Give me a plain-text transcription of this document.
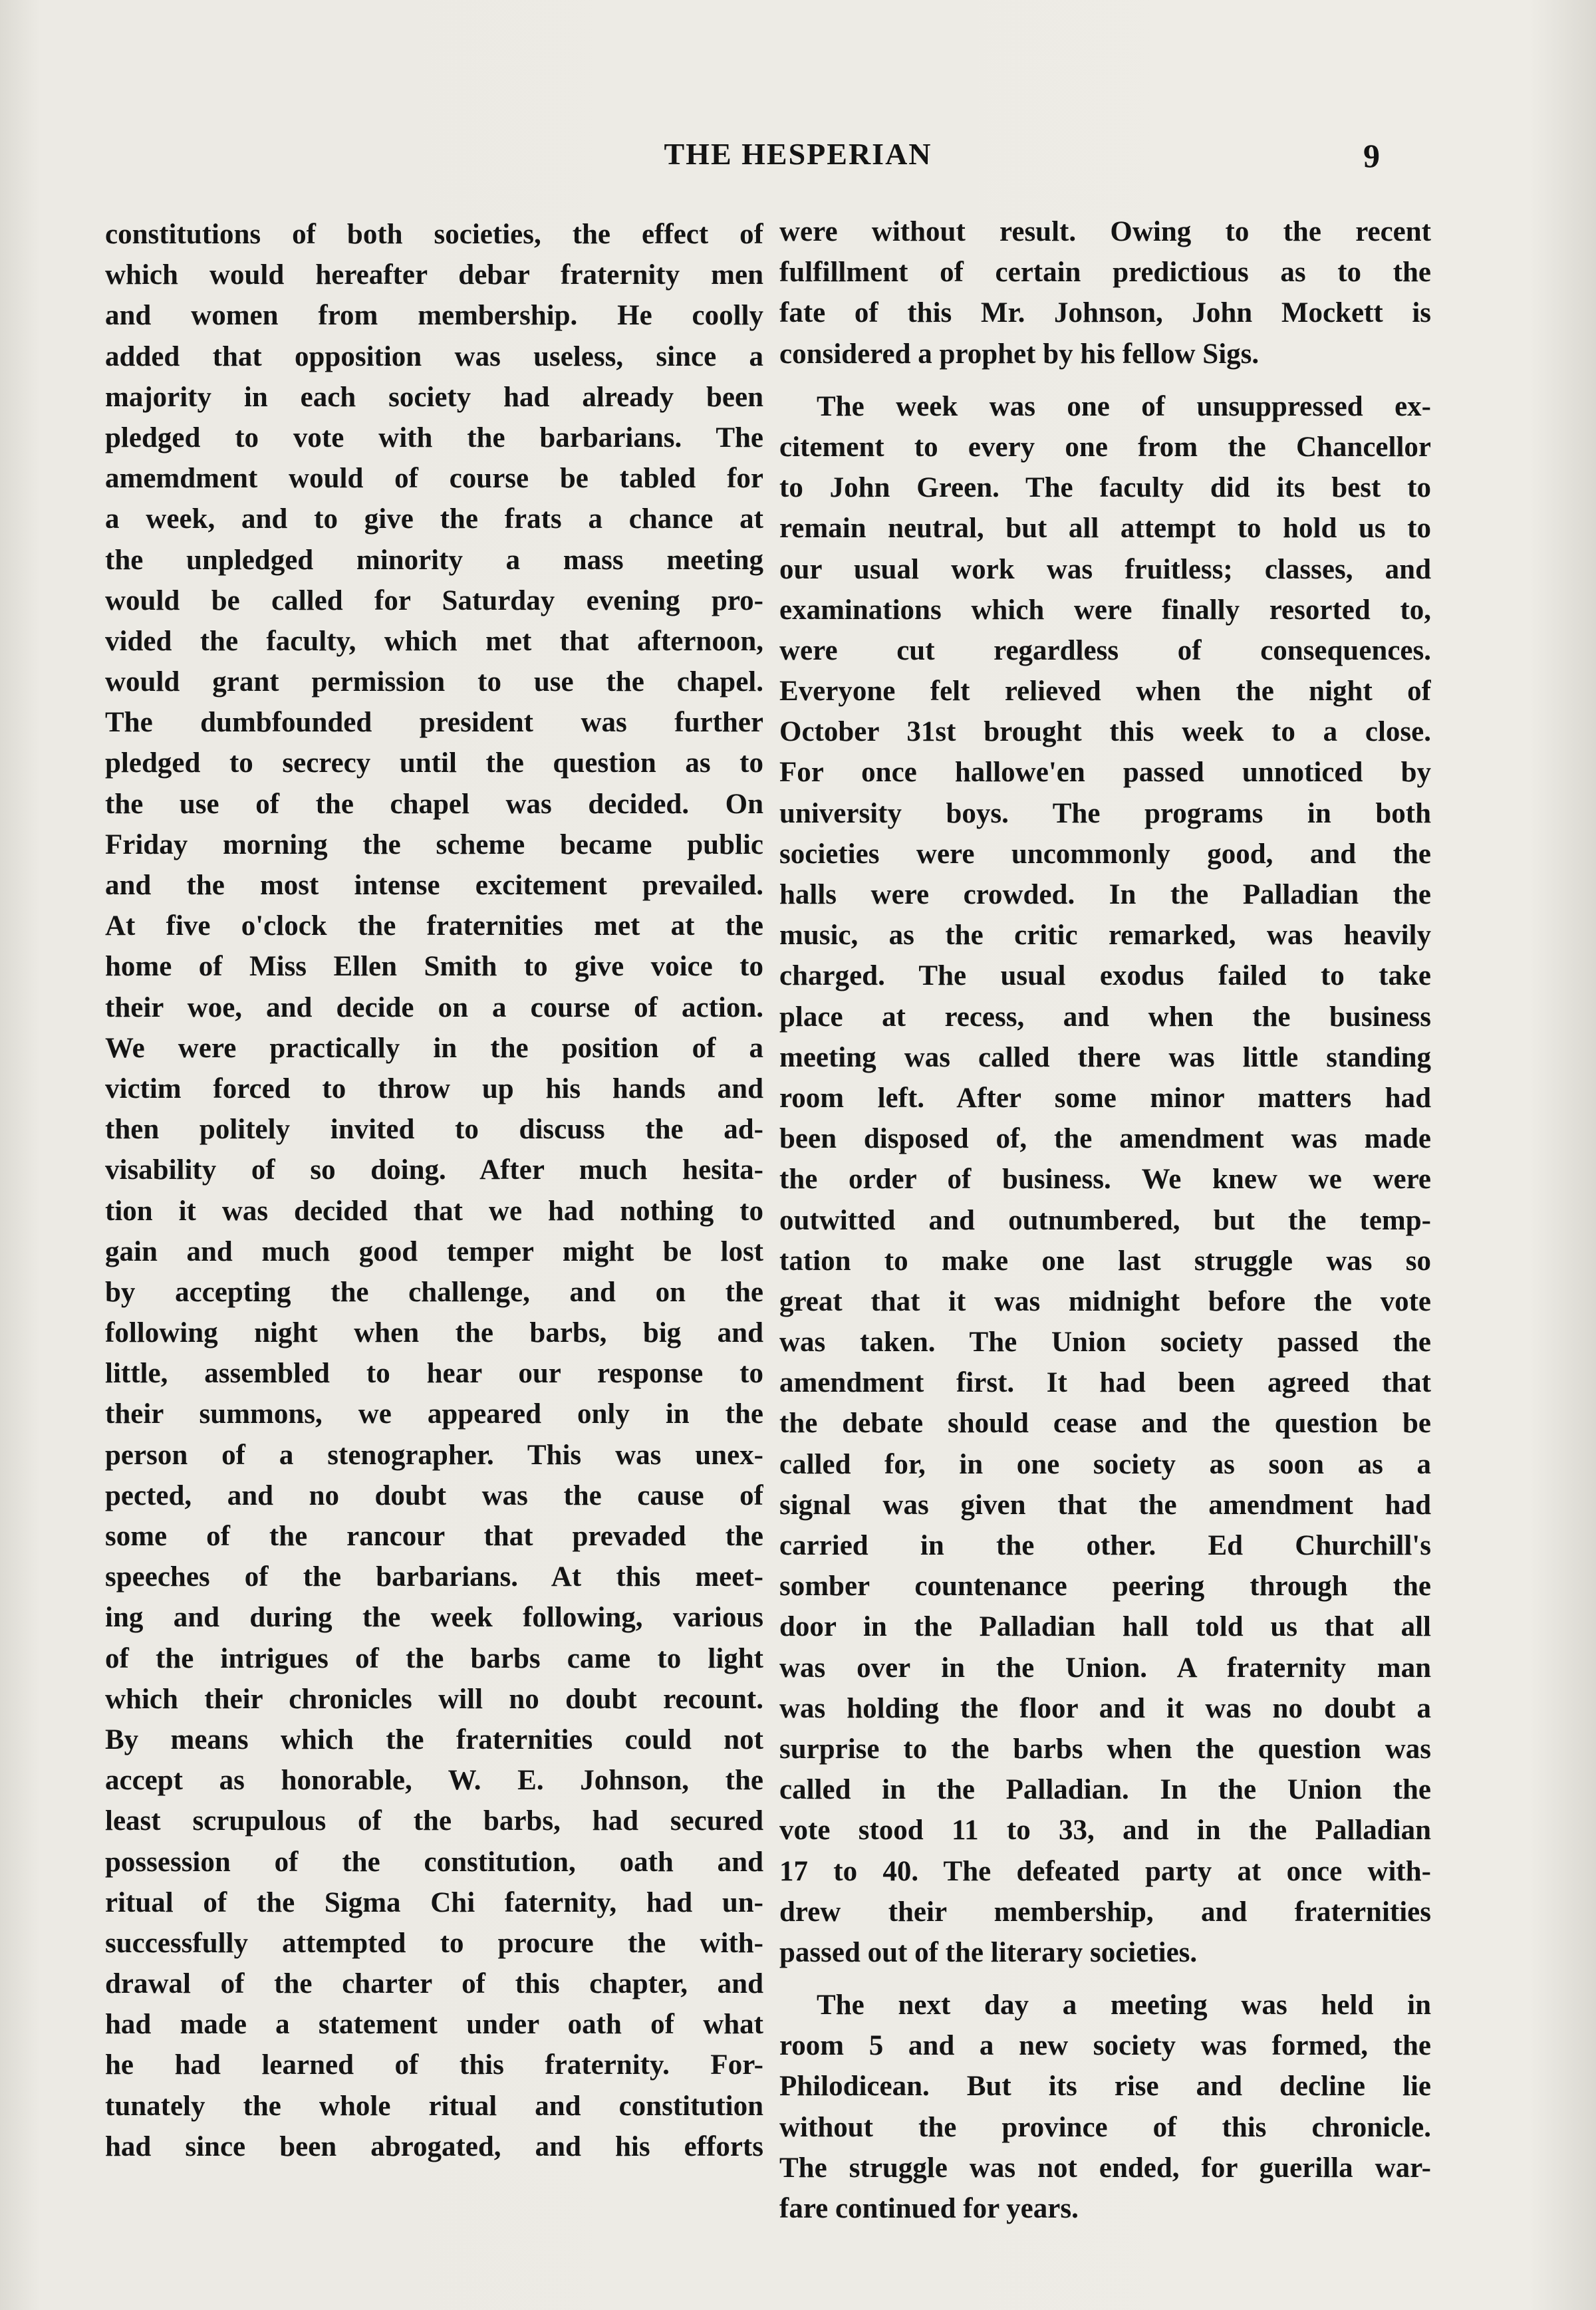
THE HESPERIAN	9

constitutions of both societies, the effect of
which would hereafter debar fraternity men
and women from membership. He coolly
added that opposition was useless, since a
majority in each society had already been
pledged to vote with the barbarians. The
amemdment would of course be tabled for
a week, and to give the frats a chance at
the unpledged minority a mass meeting
would be called for Saturday evening pro-
vided the faculty, which met that afternoon,
would grant permission to use the chapel.
The dumbfounded president was further
pledged to secrecy until the question as to
the use of the chapel was decided. On
Friday morning the scheme became public
and the most intense excitement prevailed.
At five o'clock the fraternities met at the
home of Miss Ellen Smith to give voice to
their woe, and decide on a course of action.
We were practically in the position of a
victim forced to throw up his hands and
then politely invited to discuss the ad-
visability of so doing. After much hesita-
tion it was decided that we had nothing to
gain and much good temper might be lost
by accepting the challenge, and on the
following night when the barbs, big and
little, assembled to hear our response to
their summons, we appeared only in the
person of a stenographer. This was unex-
pected, and no doubt was the cause of
some of the rancour that prevaded the
speeches of the barbarians. At this meet-
ing and during the week following, various
of the intrigues of the barbs came to light
which their chronicles will no doubt recount.
By means which the fraternities could not
accept as honorable, W. E. Johnson, the
least scrupulous of the barbs, had secured
possession of the constitution, oath and
ritual of the Sigma Chi faternity, had un-
successfully attempted to procure the with-
drawal of the charter of this chapter, and
had made a statement under oath of what
he had learned of this fraternity. For-
tunately the whole ritual and constitution
had since been abrogated, and his efforts

were without result. Owing to the recent
fulfillment of certain predictious as to the
fate of this Mr. Johnson, John Mockett is
considered a prophet by his fellow Sigs.

The week was one of unsuppressed ex-
citement to every one from the Chancellor
to John Green. The faculty did its best to
remain neutral, but all attempt to hold us to
our usual work was fruitless; classes, and
examinations which were finally resorted to,
were cut regardless of consequences.
Everyone felt relieved when the night of
October 31st brought this week to a close.
For once hallowe'en passed unnoticed by
university boys. The programs in both
societies were uncommonly good, and the
halls were crowded. In the Palladian the
music, as the critic remarked, was heavily
charged. The usual exodus failed to take
place at recess, and when the business
meeting was called there was little standing
room left. After some minor matters had
been disposed of, the amendment was made
the order of business. We knew we were
outwitted and outnumbered, but the temp-
tation to make one last struggle was so
great that it was midnight before the vote
was taken. The Union society passed the
amendment first. It had been agreed that
the debate should cease and the question be
called for, in one society as soon as a
signal was given that the amendment had
carried in the other. Ed Churchill's
somber countenance peering through the
door in the Palladian hall told us that all
was over in the Union. A fraternity man
was holding the floor and it was no doubt a
surprise to the barbs when the question was
called in the Palladian. In the Union the
vote stood 11 to 33, and in the Palladian
17 to 40. The defeated party at once with-
drew their membership, and fraternities
passed out of the literary societies.

The next day a meeting was held in
room 5 and a new society was formed, the
Philodicean. But its rise and decline lie
without the province of this chronicle.
The struggle was not ended, for guerilla war-
fare continued for years.
